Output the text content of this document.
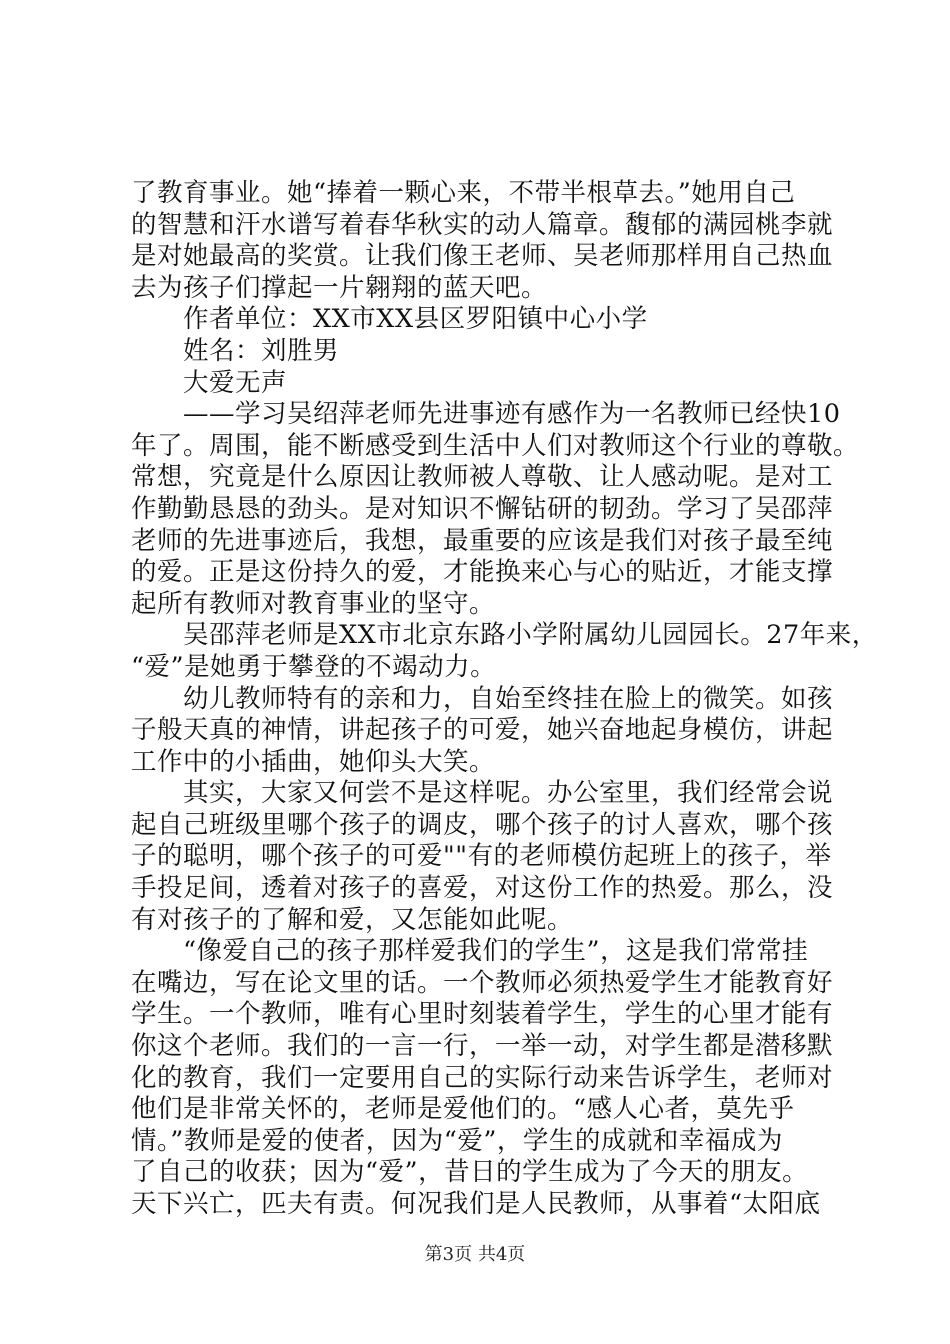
了教育事业。她“捧着一颗心来，不带半根草去。”她用自己
的智慧和汗水谱写着春华秋实的动人篇章。馥郁的满园桃李就
是对她最高的奖赏。让我们像王老师、吴老师那样用自己热血
去为孩子们撑起一片翱翔的蓝天吧。
　　作者单位：XX市XX县区罗阳镇中心小学
　　姓名：刘胜男
　　大爱无声
　　——学习吴绍萍老师先进事迹有感作为一名教师已经快10
年了。周围，能不断感受到生活中人们对教师这个行业的尊敬。
常想，究竟是什么原因让教师被人尊敬、让人感动呢。是对工
作勤勤恳恳的劲头。是对知识不懈钻研的韧劲。学习了吴邵萍
老师的先进事迹后，我想，最重要的应该是我们对孩子最至纯
的爱。正是这份持久的爱，才能换来心与心的贴近，才能支撑
起所有教师对教育事业的坚守。
　　吴邵萍老师是XX市北京东路小学附属幼儿园园长。27年来，
“爱”是她勇于攀登的不竭动力。
　　幼儿教师特有的亲和力，自始至终挂在脸上的微笑。如孩
子般天真的神情，讲起孩子的可爱，她兴奋地起身模仿，讲起
工作中的小插曲，她仰头大笑。
　　其实，大家又何尝不是这样呢。办公室里，我们经常会说
起自己班级里哪个孩子的调皮，哪个孩子的讨人喜欢，哪个孩
子的聪明，哪个孩子的可爱""有的老师模仿起班上的孩子，举
手投足间，透着对孩子的喜爱，对这份工作的热爱。那么，没
有对孩子的了解和爱，又怎能如此呢。
　　“像爱自己的孩子那样爱我们的学生”，这是我们常常挂
在嘴边，写在论文里的话。一个教师必须热爱学生才能教育好
学生。一个教师，唯有心里时刻装着学生，学生的心里才能有
你这个老师。我们的一言一行，一举一动，对学生都是潜移默
化的教育，我们一定要用自己的实际行动来告诉学生，老师对
他们是非常关怀的，老师是爱他们的。“感人心者，莫先乎
情。”教师是爱的使者，因为“爱”，学生的成就和幸福成为
了自己的收获；因为“爱”，昔日的学生成为了今天的朋友。
天下兴亡，匹夫有责。何况我们是人民教师，从事着“太阳底
第3页 共4页
